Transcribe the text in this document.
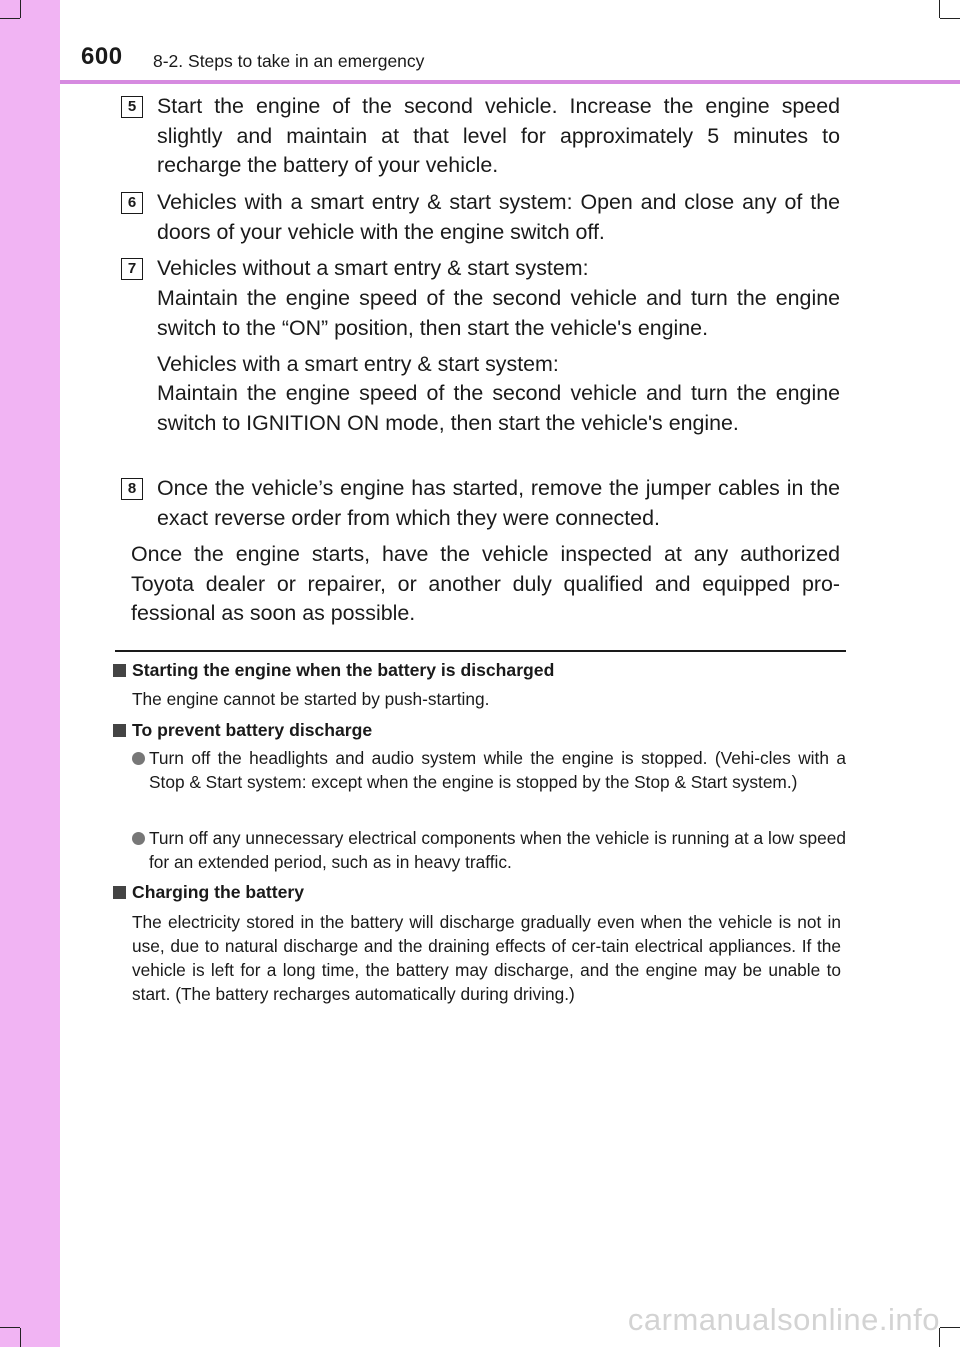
600 8-2. Steps to take in an emergency
5 Start the engine of the second vehicle. Increase the engine speed slightly and maintain at that level for approximately 5 minutes to recharge the battery of your vehicle.

6 Vehicles with a smart entry & start system: Open and close any of the doors of your vehicle with the engine switch off.

7 Vehicles without a smart entry & start system:

Maintain the engine speed of the second vehicle and turn the engine switch to the “ON” position, then start the vehicle's engine.

Vehicles with a smart entry & start system:

Maintain the engine speed of the second vehicle and turn the engine switch to IGNITION ON mode, then start the vehicle's engine.

8 Once the vehicle’s engine has started, remove the jumper cables in the exact reverse order from which they were connected.

Once the engine starts, have the vehicle inspected at any authorized Toyota dealer or repairer, or another duly qualified and equipped pro-fessional as soon as possible.

Starting the engine when the battery is discharged

The engine cannot be started by push-starting.

To prevent battery discharge

Turn off the headlights and audio system while the engine is stopped. (Vehi-cles with a Stop & Start system: except when the engine is stopped by the Stop & Start system.)

Turn off any unnecessary electrical components when the vehicle is running at a low speed for an extended period, such as in heavy traffic.

Charging the battery

The electricity stored in the battery will discharge gradually even when the vehicle is not in use, due to natural discharge and the draining effects of cer-tain electrical appliances. If the vehicle is left for a long time, the battery may discharge, and the engine may be unable to start. (The battery recharges automatically during driving.)

carmanualsonline.info
